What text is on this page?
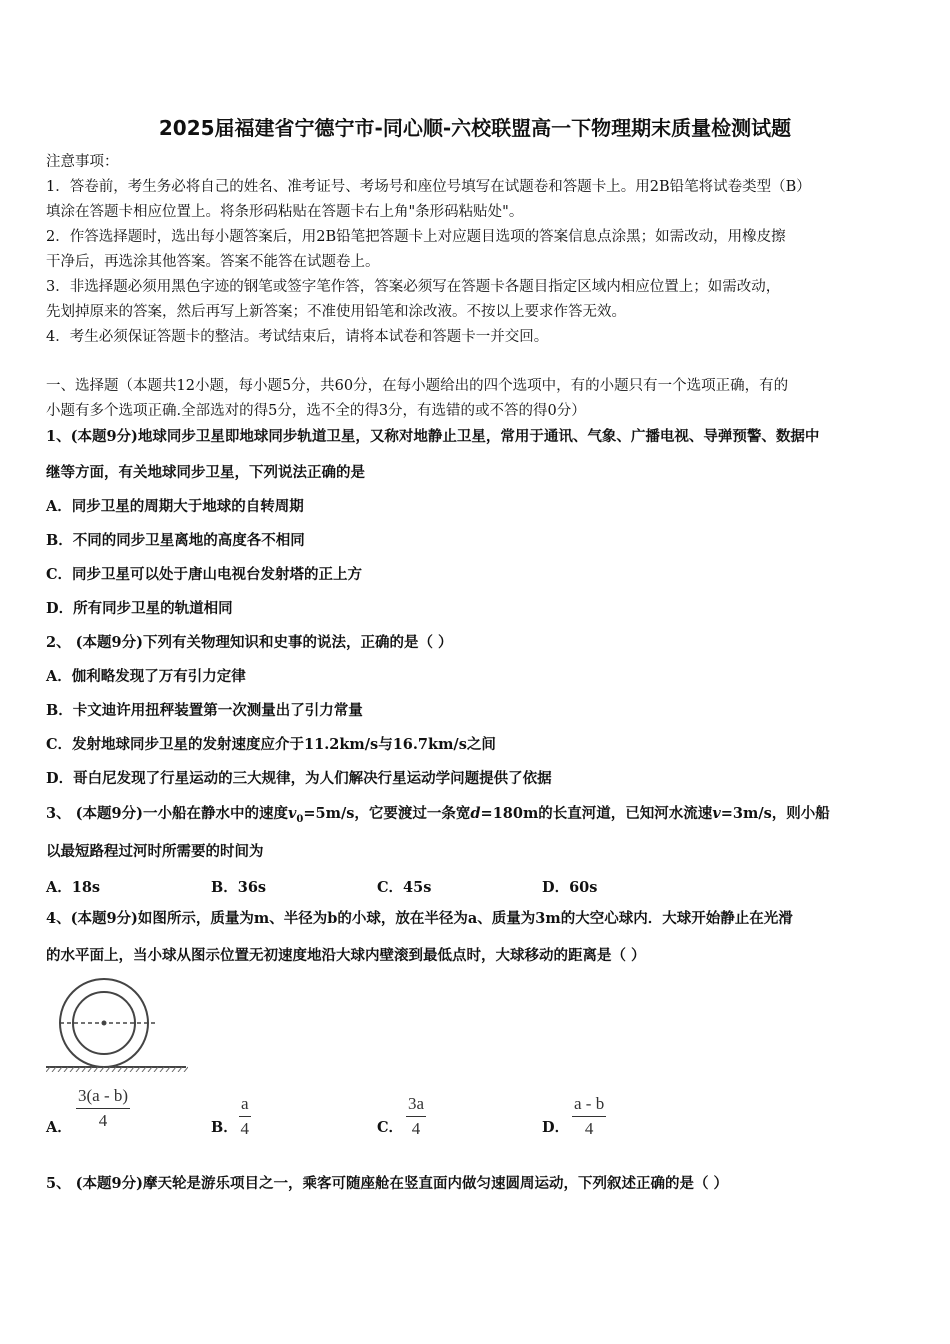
2025届福建省宁德宁市-同心顺-六校联盟高一下物理期末质量检测试题
注意事项：
1．答卷前，考生务必将自己的姓名、准考证号、考场号和座位号填写在试题卷和答题卡上。用2B铅笔将试卷类型（B）
填涂在答题卡相应位置上。将条形码粘贴在答题卡右上角"条形码粘贴处"。
2．作答选择题时，选出每小题答案后，用2B铅笔把答题卡上对应题目选项的答案信息点涂黑；如需改动，用橡皮擦
干净后，再选涂其他答案。答案不能答在试题卷上。
3．非选择题必须用黑色字迹的钢笔或签字笔作答，答案必须写在答题卡各题目指定区域内相应位置上；如需改动，
先划掉原来的答案，然后再写上新答案；不准使用铅笔和涂改液。不按以上要求作答无效。
4．考生必须保证答题卡的整洁。考试结束后，请将本试卷和答题卡一并交回。
一、选择题（本题共12小题，每小题5分，共60分，在每小题给出的四个选项中，有的小题只有一个选项正确，有的
小题有多个选项正确.全部选对的得5分，选不全的得3分，有选错的或不答的得0分）
1、(本题9分)地球同步卫星即地球同步轨道卫星，又称对地静止卫星，常用于通讯、气象、广播电视、导弹预警、数据中
继等方面，有关地球同步卫星，下列说法正确的是
A．同步卫星的周期大于地球的自转周期
B．不同的同步卫星离地的高度各不相同
C．同步卫星可以处于唐山电视台发射塔的正上方
D．所有同步卫星的轨道相同
2、 (本题9分)下列有关物理知识和史事的说法，正确的是（ ）
A．伽利略发现了万有引力定律
B．卡文迪许用扭秤装置第一次测量出了引力常量
C．发射地球同步卫星的发射速度应介于11.2km/s与16.7km/s之间
D．哥白尼发现了行星运动的三大规律，为人们解决行星运动学问题提供了依据
3、 (本题9分)一小船在静水中的速度$v_0=5m/s$，它要渡过一条宽d=180m的长直河道，已知河水流速v=3m/s，则小船
以最短路程过河时所需要的时间为
A．18s	B．36s	C．45s	D．60s
4、(本题9分)如图所示，质量为m、半径为b的小球，放在半径为a、质量为3m的大空心球内．大球开始静止在光滑
的水平面上，当小球从图示位置无初速度地沿大球内壁滚到最低点时，大球移动的距离是（ ）
A．
3(a - b)
4	B．
a
4	C．
3a
4	D．
a - b
4
5、 (本题9分)摩天轮是游乐项目之一，乘客可随座舱在竖直面内做匀速圆周运动，下列叙述正确的是（ ）
